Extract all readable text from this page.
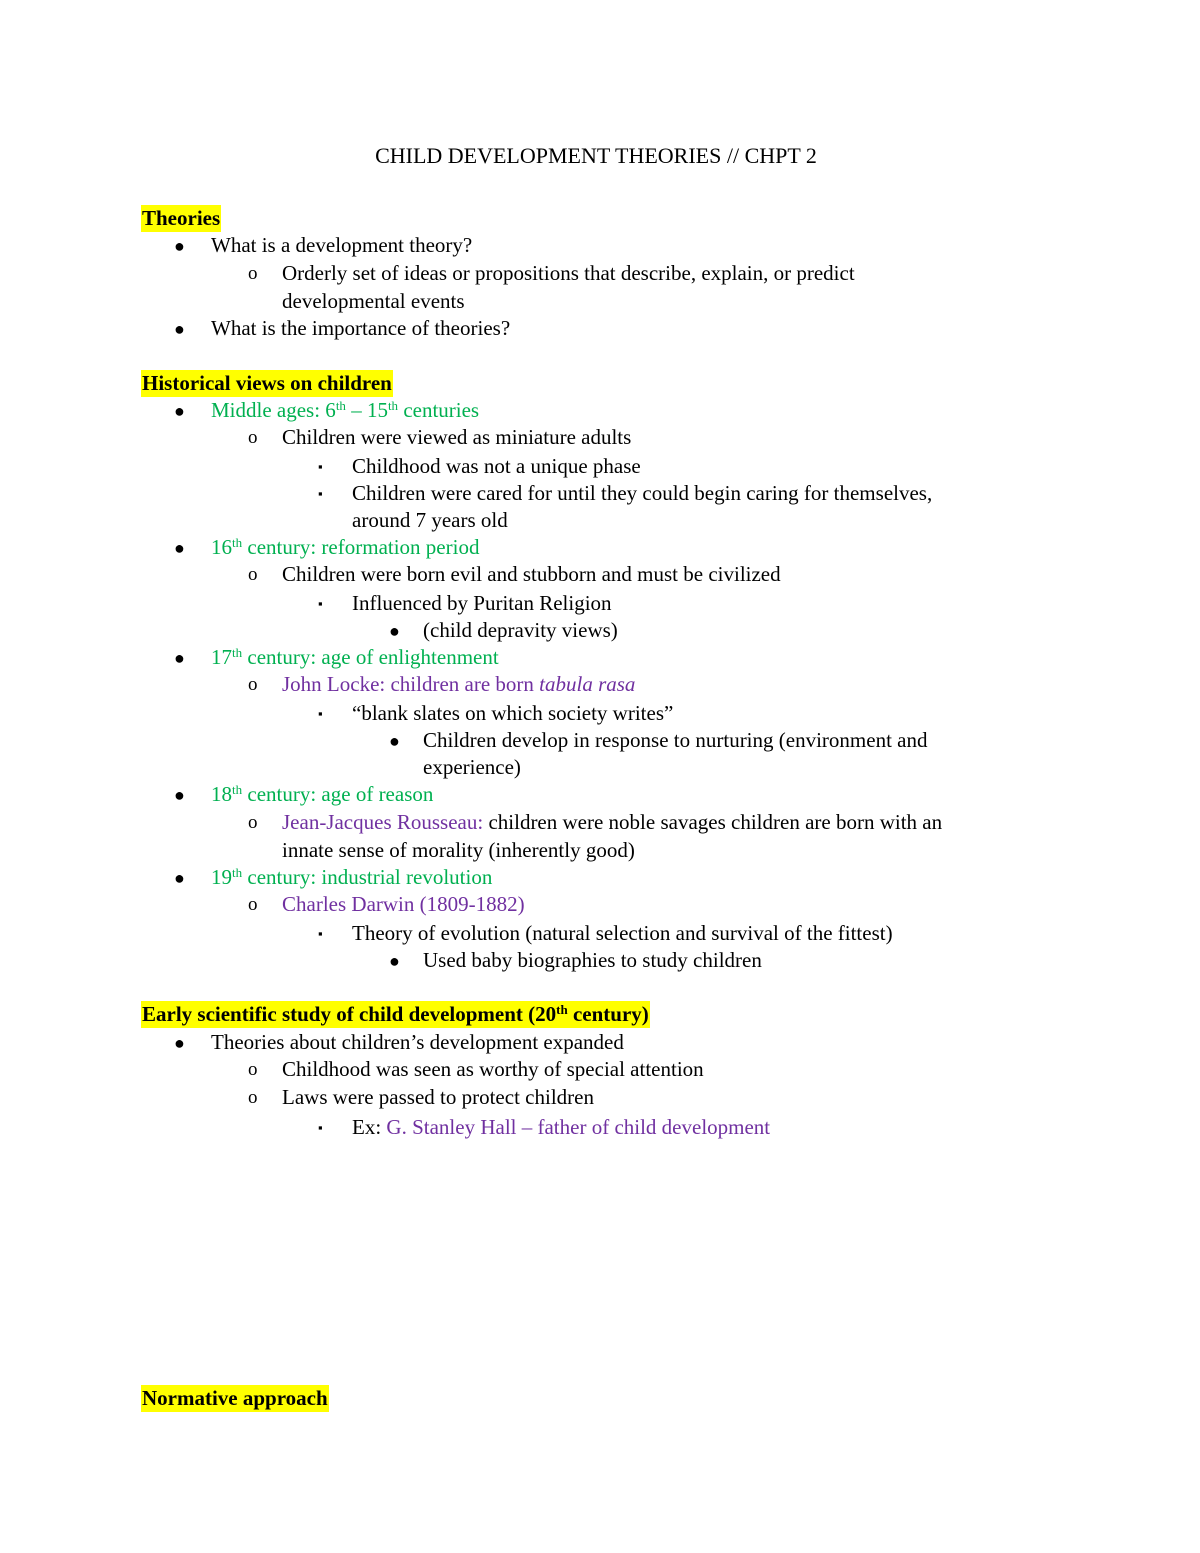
CHILD DEVELOPMENT THEORIES // CHPT 2
Theories
● What is a development theory?
o Orderly set of ideas or propositions that describe, explain, or predict
developmental events
● What is the importance of theories?
Historical views on children
● Middle ages: 6th – 15th centuries
o Children were viewed as miniature adults
▪ Childhood was not a unique phase
▪ Children were cared for until they could begin caring for themselves,
around 7 years old
● 16th century: reformation period
o Children were born evil and stubborn and must be civilized
▪ Influenced by Puritan Religion
● (child depravity views)
● 17th century: age of enlightenment
o John Locke: children are born tabula rasa
▪ “blank slates on which society writes”
● Children develop in response to nurturing (environment and
experience)
● 18th century: age of reason
o Jean-Jacques Rousseau: children were noble savages children are born with an
innate sense of morality (inherently good)
● 19th century: industrial revolution
o Charles Darwin (1809-1882)
▪ Theory of evolution (natural selection and survival of the fittest)
● Used baby biographies to study children
Early scientific study of child development (20th century)
● Theories about children’s development expanded
o Childhood was seen as worthy of special attention
o Laws were passed to protect children
▪ Ex: G. Stanley Hall – father of child development
Normative approach
